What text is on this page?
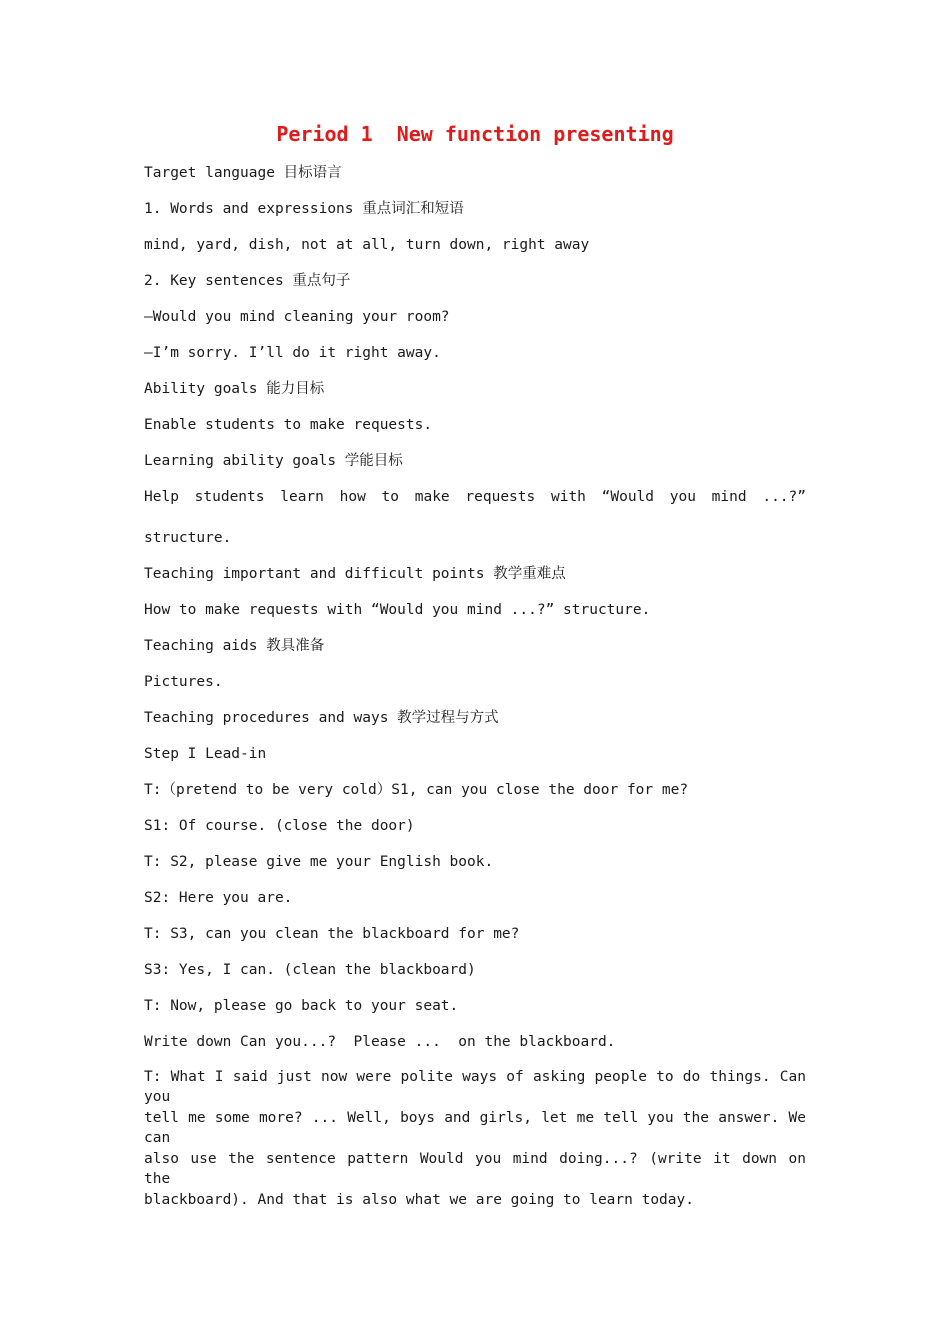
Period 1  New function presenting
Target language 目标语言
1. Words and expressions 重点词汇和短语
mind, yard, dish, not at all, turn down, right away
2. Key sentences 重点句子
—Would you mind cleaning your room?
—I’m sorry. I’ll do it right away.
Ability goals 能力目标
Enable students to make requests.
Learning ability goals 学能目标
Help students learn how to make requests with “Would you mind ...?”
structure.
Teaching important and difficult points 教学重难点
How to make requests with “Would you mind ...?” structure.
Teaching aids 教具准备
Pictures.
Teaching procedures and ways 教学过程与方式
Step I Lead-in
T:（pretend to be very cold）S1, can you close the door for me?
S1: Of course. (close the door)
T: S2, please give me your English book.
S2: Here you are.
T: S3, can you clean the blackboard for me?
S3: Yes, I can. (clean the blackboard)
T: Now, please go back to your seat.
Write down Can you...?  Please ...  on the blackboard.
T: What I said just now were polite ways of asking people to do things. Can you
tell me some more? ... Well, boys and girls, let me tell you the answer. We can
also use the sentence pattern Would you mind doing...? (write it down on the
blackboard). And that is also what we are going to learn today.
